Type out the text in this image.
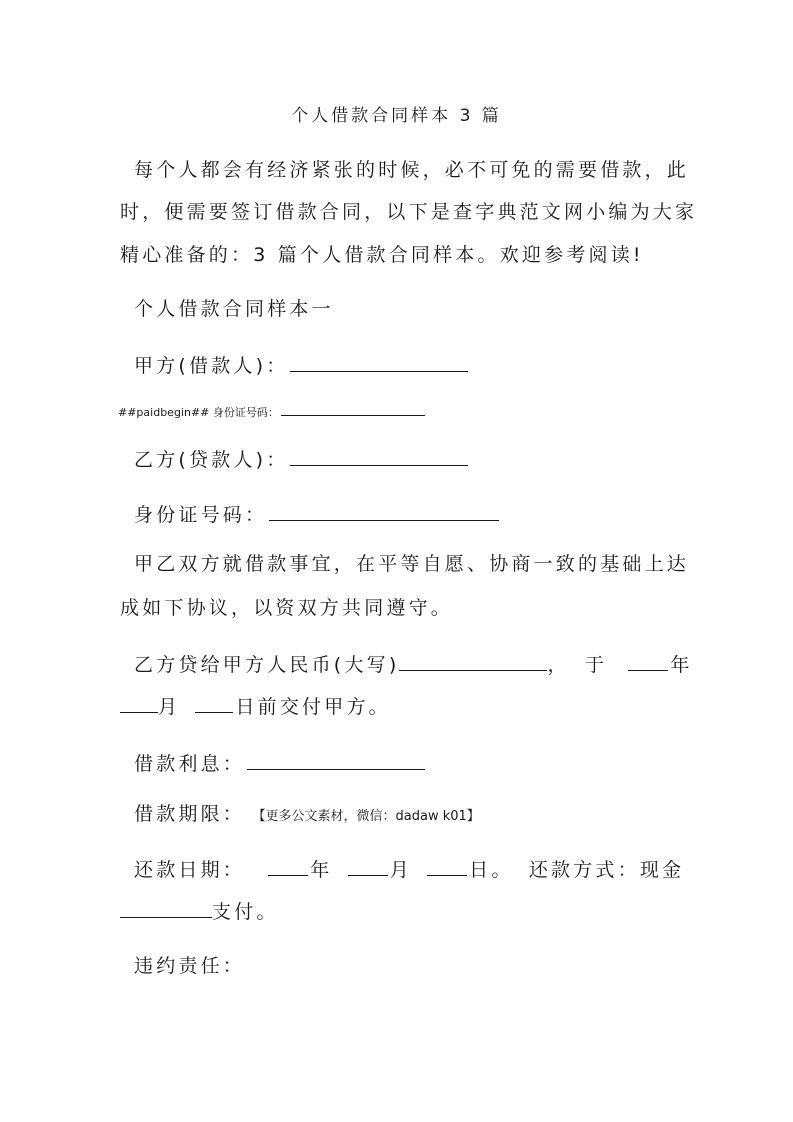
个人借款合同样本 3 篇
每个人都会有经济紧张的时候，必不可免的需要借款，此
时，便需要签订借款合同，以下是查字典范文网小编为大家
精心准备的：3 篇个人借款合同样本。欢迎参考阅读!
个人借款合同样本一
甲方(借款人)：
##paidbegin## 身份证号码：
乙方(贷款人)：
身份证号码：
甲乙双方就借款事宜，在平等自愿、协商一致的基础上达
成如下协议，以资双方共同遵守。
乙方贷给甲方人民币(大写)	， 于	年
月	日前交付甲方。
借款利息：
借款期限： 【更多公文素材，微信：dadaw k01】
还款日期：	年	月	日。 还款方式：现金
支付。
违约责任：
